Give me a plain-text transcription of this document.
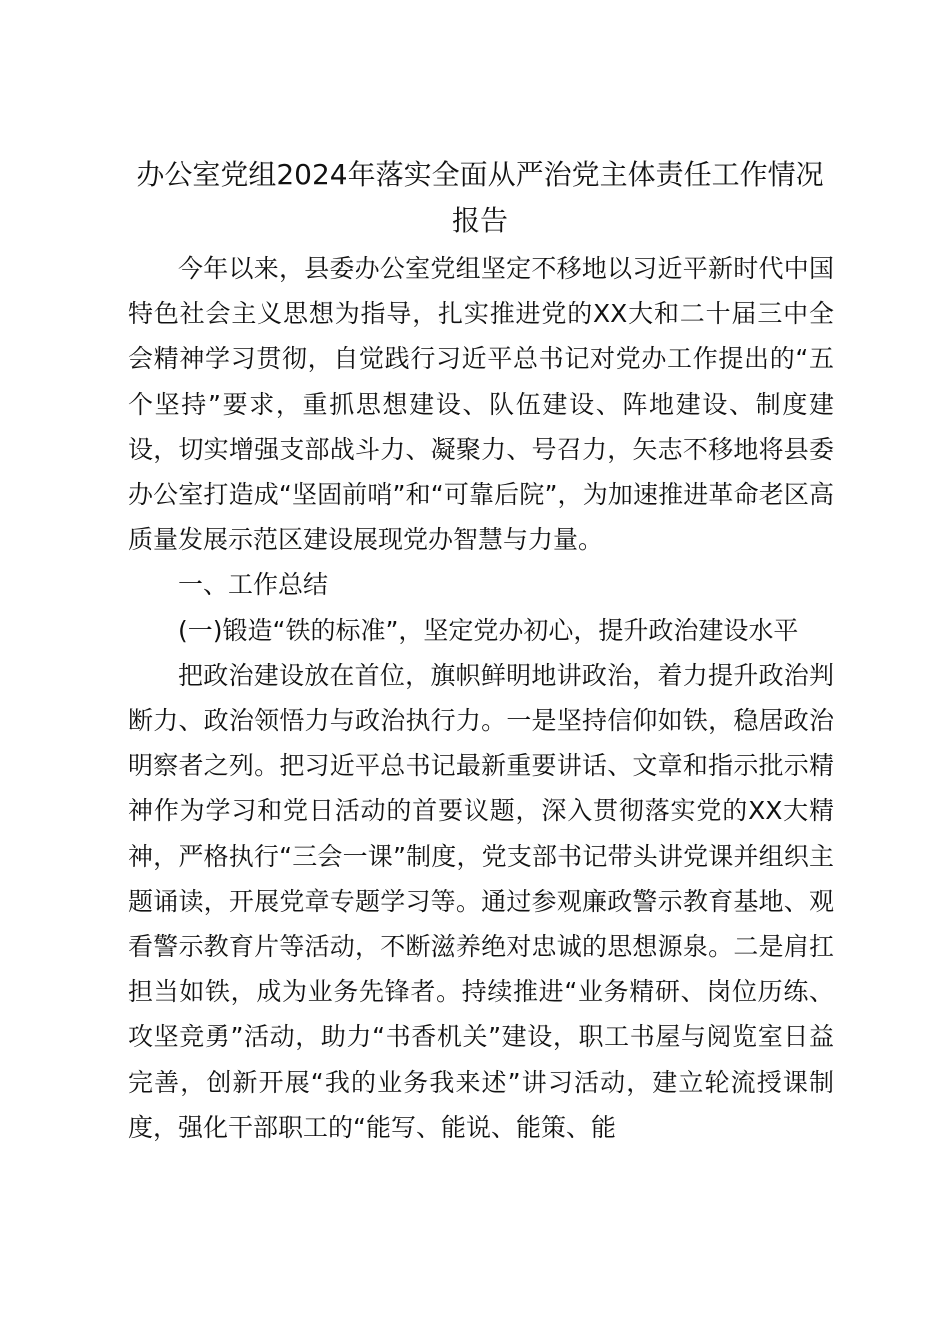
办公室党组2024年落实全面从严治党主体责任工作情况报告

今年以来，县委办公室党组坚定不移地以习近平新时代中国特色社会主义思想为指导，扎实推进党的XX大和二十届三中全会精神学习贯彻，自觉践行习近平总书记对党办工作提出的“五个坚持”要求，重抓思想建设、队伍建设、阵地建设、制度建设，切实增强支部战斗力、凝聚力、号召力，矢志不移地将县委办公室打造成“坚固前哨”和“可靠后院”，为加速推进革命老区高质量发展示范区建设展现党办智慧与力量。

一、工作总结

(一)锻造“铁的标准”，坚定党办初心，提升政治建设水平

把政治建设放在首位，旗帜鲜明地讲政治，着力提升政治判断力、政治领悟力与政治执行力。一是坚持信仰如铁，稳居政治明察者之列。把习近平总书记最新重要讲话、文章和指示批示精神作为学习和党日活动的首要议题，深入贯彻落实党的XX大精神，严格执行“三会一课”制度，党支部书记带头讲党课并组织主题诵读，开展党章专题学习等。通过参观廉政警示教育基地、观看警示教育片等活动，不断滋养绝对忠诚的思想源泉。二是肩扛担当如铁，成为业务先锋者。持续推进“业务精研、岗位历练、攻坚竞勇”活动，助力“书香机关”建设，职工书屋与阅览室日益完善，创新开展“我的业务我来述”讲习活动，建立轮流授课制度，强化干部职工的“能写、能说、能策、能
